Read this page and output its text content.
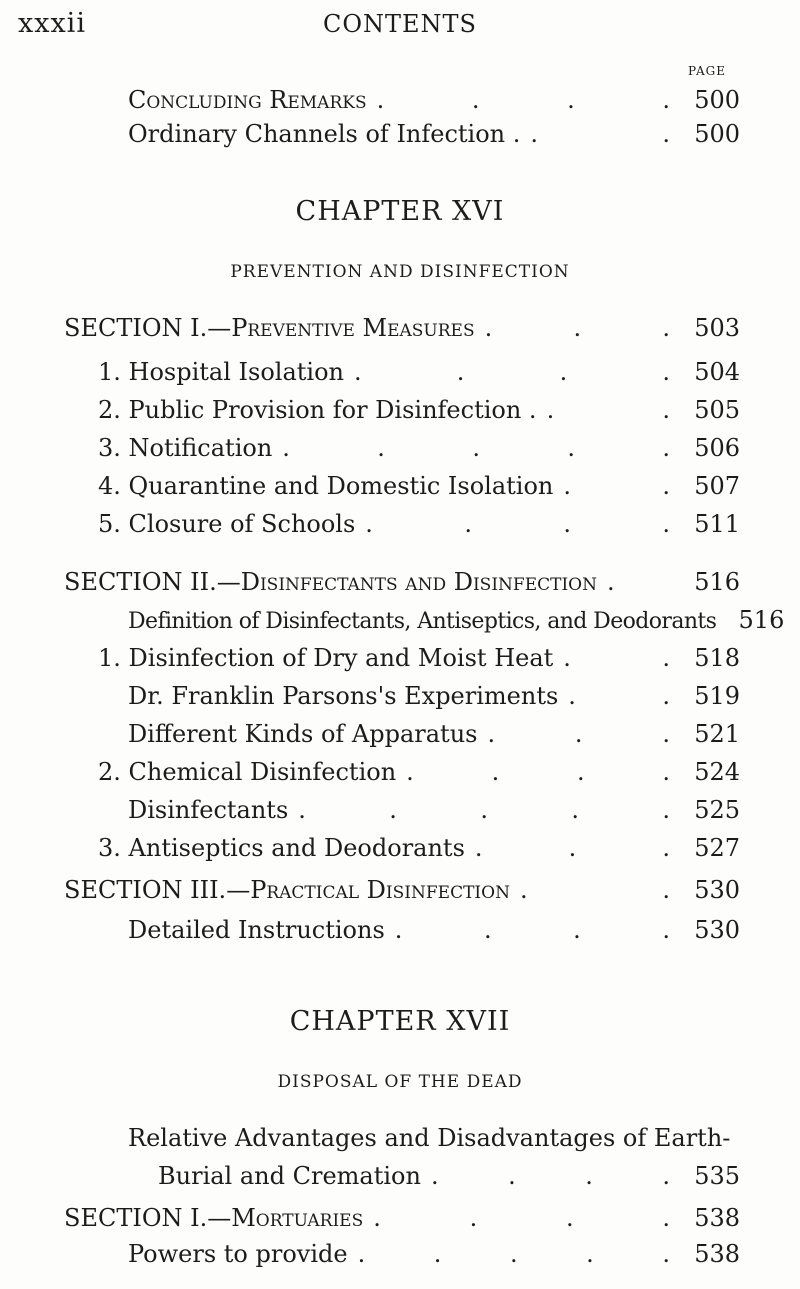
xxxii	CONTENTS
PAGE
Concluding Remarks . . . .	500
Ordinary Channels of Infection . . .	500
CHAPTER XVI
PREVENTION AND DISINFECTION
SECTION I.—Preventive Measures . . .	503
1. Hospital Isolation . . . .	504
2. Public Provision for Disinfection . . .	505
3. Notification . . . . .	506
4. Quarantine and Domestic Isolation . .	507
5. Closure of Schools . . . .	511
SECTION II.—Disinfectants and Disinfection .	516
Definition of Disinfectants, Antiseptics, and Deodorants 516
1. Disinfection of Dry and Moist Heat . .	518
Dr. Franklin Parsons's Experiments . .	519
Different Kinds of Apparatus . . .	521
2. Chemical Disinfection . . . .	524
Disinfectants . . . . .	525
3. Antiseptics and Deodorants . . .	527
SECTION III.—Practical Disinfection . .	530
Detailed Instructions . . . .	530
CHAPTER XVII
DISPOSAL OF THE DEAD
Relative Advantages and Disadvantages of Earth-
Burial and Cremation . . . .	535
SECTION I.—Mortuaries . . . .	538
Powers to provide . . . . .	538
